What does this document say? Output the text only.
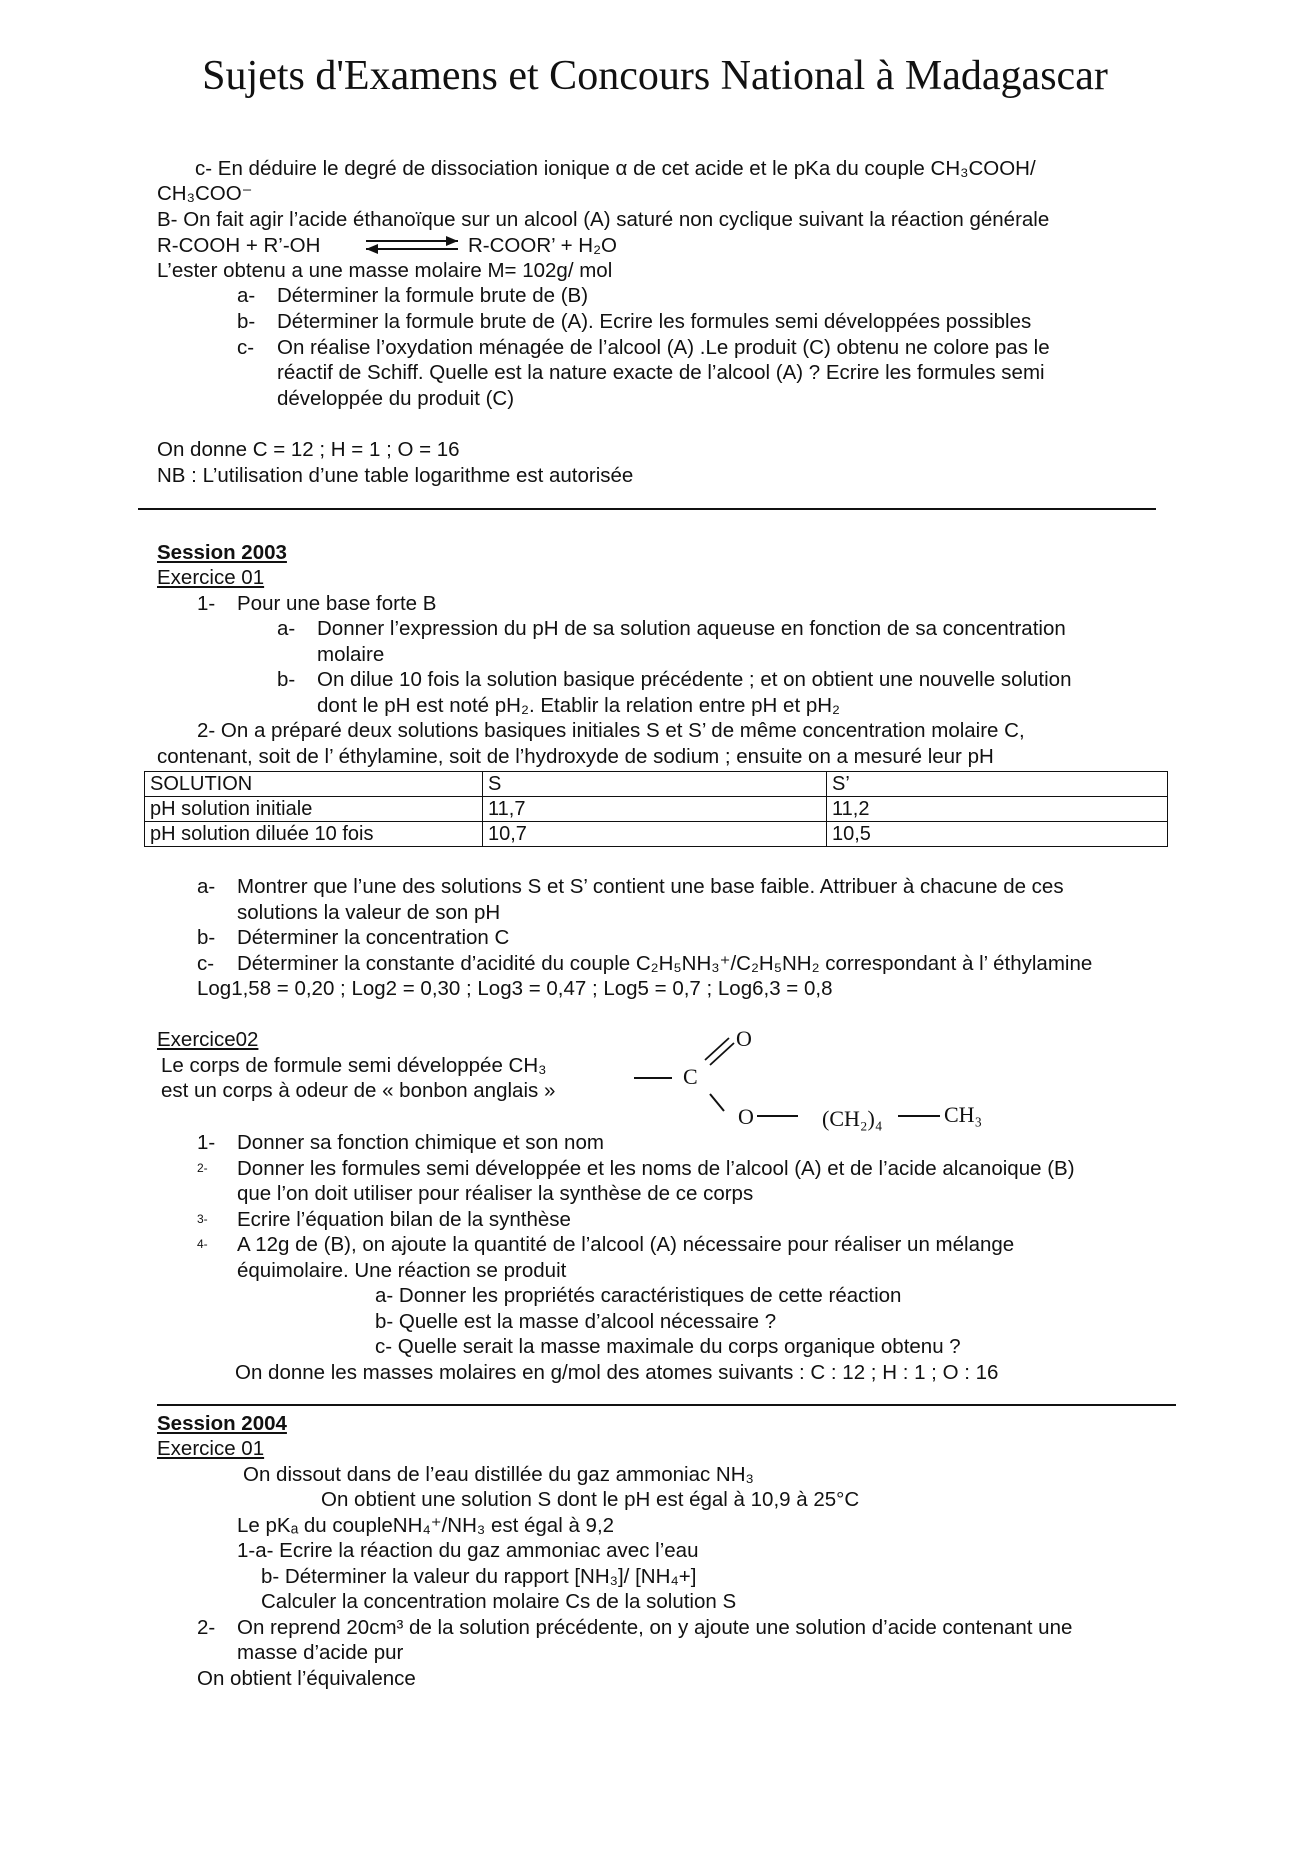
Sujets d'Examens et Concours National à Madagascar
c- En déduire le degré de dissociation ionique α de cet acide et le pKa du couple CH₃COOH/
CH₃COO⁻
B- On fait agir l’acide éthanoïque sur un alcool (A) saturé non cyclique suivant la réaction générale
R-COOH + R’-OH	R-COOR’ + H₂O
L’ester obtenu a une masse molaire M= 102g/ mol
a- Déterminer la formule brute de (B)
b- Déterminer la formule brute de (A). Ecrire les formules semi développées possibles
c- On réalise l’oxydation ménagée de l’alcool (A) .Le produit (C) obtenu ne colore pas le
réactif de Schiff. Quelle est la nature exacte de l’alcool (A) ? Ecrire les formules semi
développée du produit (C)
On donne C = 12 ; H = 1 ; O = 16
NB : L’utilisation d’une table logarithme est autorisée
Session 2003
Exercice 01
1- Pour une base forte B
a- Donner l’expression du pH de sa solution aqueuse en fonction de sa concentration
molaire
b- On dilue 10 fois la solution basique précédente ; et on obtient une nouvelle solution
dont le pH est noté pH₂. Etablir la relation entre pH et pH₂
2- On a préparé deux solutions basiques initiales S et S’ de même concentration molaire C,
contenant, soit de l’ éthylamine, soit de l’hydroxyde de sodium ; ensuite on a mesuré leur pH
SOLUTION	S	S’
pH solution initiale	11,7	11,2
pH solution diluée 10 fois	10,7	10,5
a- Montrer que l’une des solutions S et S’ contient une base faible. Attribuer à chacune de ces
solutions la valeur de son pH
b- Déterminer la concentration C
c- Déterminer la constante d’acidité du couple C₂H₅NH₃⁺/C₂H₅NH₂ correspondant à l’ éthylamine
Log1,58 = 0,20 ; Log2 = 0,30 ; Log3 = 0,47 ; Log5 = 0,7 ; Log6,3 = 0,8
Exercice02
Le corps de formule semi développée CH₃
est un corps à odeur de « bonbon anglais »
O
C
O	(CH₂)₄	CH₃
1- Donner sa fonction chimique et son nom
2- Donner les formules semi développée et les noms de l’alcool (A) et de l’acide alcanoique (B)
que l’on doit utiliser pour réaliser la synthèse de ce corps
3- Ecrire l’équation bilan de la synthèse
4- A 12g de (B), on ajoute la quantité de l’alcool (A) nécessaire pour réaliser un mélange
équimolaire. Une réaction se produit
a- Donner les propriétés caractéristiques de cette réaction
b- Quelle est la masse d’alcool nécessaire ?
c- Quelle serait la masse maximale du corps organique obtenu ?
On donne les masses molaires en g/mol des atomes suivants : C : 12 ; H : 1 ; O : 16
Session 2004
Exercice 01
On dissout dans de l’eau distillée du gaz ammoniac NH₃
On obtient une solution S dont le pH est égal à 10,9 à 25°C
Le pKₐ du coupleNH₄⁺/NH₃ est égal à 9,2
1-a- Ecrire la réaction du gaz ammoniac avec l’eau
b- Déterminer la valeur du rapport [NH₃]/ [NH₄+]
Calculer la concentration molaire Cs de la solution S
2- On reprend 20cm³ de la solution précédente, on y ajoute une solution d’acide contenant une
masse d’acide pur
On obtient l’équivalence
